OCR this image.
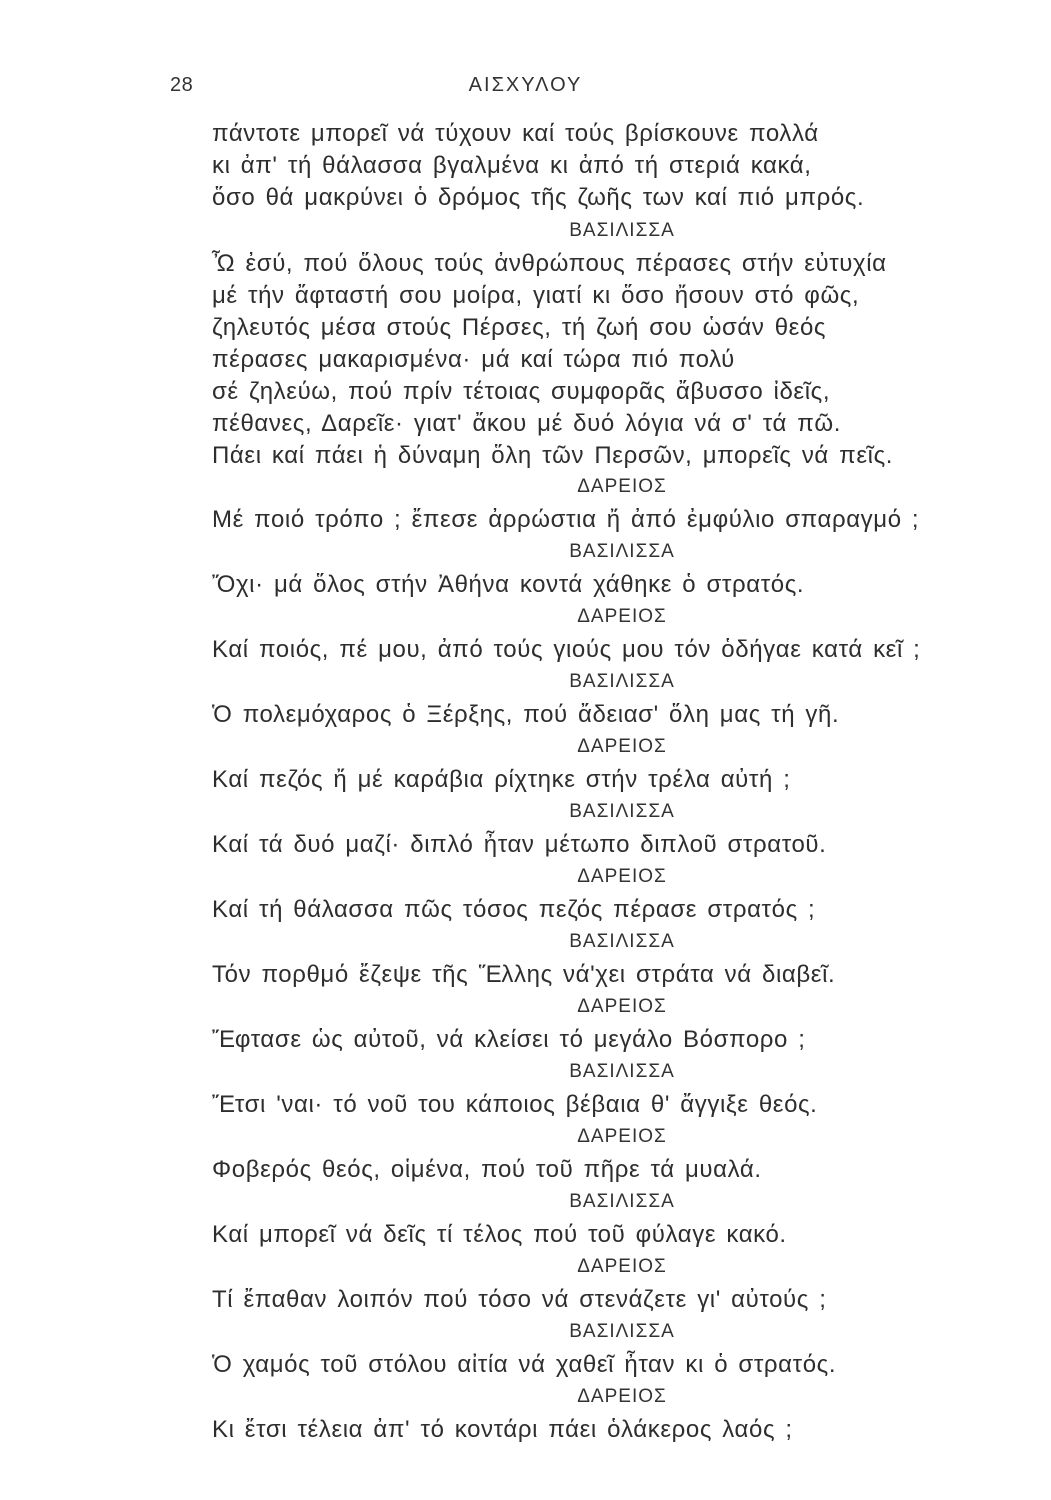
28	ΑΙΣΧΥΛΟΥ
πάντοτε μπορεῖ νά τύχουν καί τούς βρίσκουνε πολλά
κι ἀπ' τή θάλασσα βγαλμένα κι ἀπό τή στεριά κακά,
ὅσο θά μακρύνει ὁ δρόμος τῆς ζωῆς των καί πιό μπρός.
ΒΑΣΙΛΙΣΣΑ
Ὦ ἐσύ, πού ὅλους τούς ἀνθρώπους πέρασες στήν εὐτυχία
μέ τήν ἄφταστή σου μοίρα, γιατί κι ὅσο ἤσουν στό φῶς,
ζηλευτός μέσα στούς Πέρσες, τή ζωή σου ὡσάν θεός
πέρασες μακαρισμένα· μά καί τώρα πιό πολύ
σέ ζηλεύω, πού πρίν τέτοιας συμφορᾶς ἄβυσσο ἰδεῖς,
πέθανες, Δαρεῖε· γιατ' ἄκου μέ δυό λόγια νά σ' τά πῶ.
Πάει καί πάει ἡ δύναμη ὅλη τῶν Περσῶν, μπορεῖς νά πεῖς.
ΔΑΡΕΙΟΣ
Μέ ποιό τρόπο ; ἔπεσε ἀρρώστια ἤ ἀπό ἐμφύλιο σπαραγμό ;
ΒΑΣΙΛΙΣΣΑ
Ὄχι· μά ὅλος στήν Ἀθήνα κοντά χάθηκε ὁ στρατός.
ΔΑΡΕΙΟΣ
Καί ποιός, πέ μου, ἀπό τούς γιούς μου τόν ὁδήγαε κατά κεῖ ;
ΒΑΣΙΛΙΣΣΑ
Ὁ πολεμόχαρος ὁ Ξέρξης, πού ἄδειασ' ὅλη μας τή γῆ.
ΔΑΡΕΙΟΣ
Καί πεζός ἤ μέ καράβια ρίχτηκε στήν τρέλα αὐτή ;
ΒΑΣΙΛΙΣΣΑ
Καί τά δυό μαζί· διπλό ἦταν μέτωπο διπλοῦ στρατοῦ.
ΔΑΡΕΙΟΣ
Καί τή θάλασσα πῶς τόσος πεζός πέρασε στρατός ;
ΒΑΣΙΛΙΣΣΑ
Τόν πορθμό ἔζεψε τῆς Ἕλλης νά'χει στράτα νά διαβεῖ.
ΔΑΡΕΙΟΣ
Ἔφτασε ὡς αὐτοῦ, νά κλείσει τό μεγάλο Βόσπορο ;
ΒΑΣΙΛΙΣΣΑ
Ἔτσι 'ναι· τό νοῦ του κάποιος βέβαια θ' ἄγγιξε θεός.
ΔΑΡΕΙΟΣ
Φοβερός θεός, οἱμένα, πού τοῦ πῆρε τά μυαλά.
ΒΑΣΙΛΙΣΣΑ
Καί μπορεῖ νά δεῖς τί τέλος πού τοῦ φύλαγε κακό.
ΔΑΡΕΙΟΣ
Τί ἔπαθαν λοιπόν πού τόσο νά στενάζετε γι' αὐτούς ;
ΒΑΣΙΛΙΣΣΑ
Ὁ χαμός τοῦ στόλου αἰτία νά χαθεῖ ἦταν κι ὁ στρατός.
ΔΑΡΕΙΟΣ
Κι ἔτσι τέλεια ἀπ' τό κοντάρι πάει ὁλάκερος λαός ;
